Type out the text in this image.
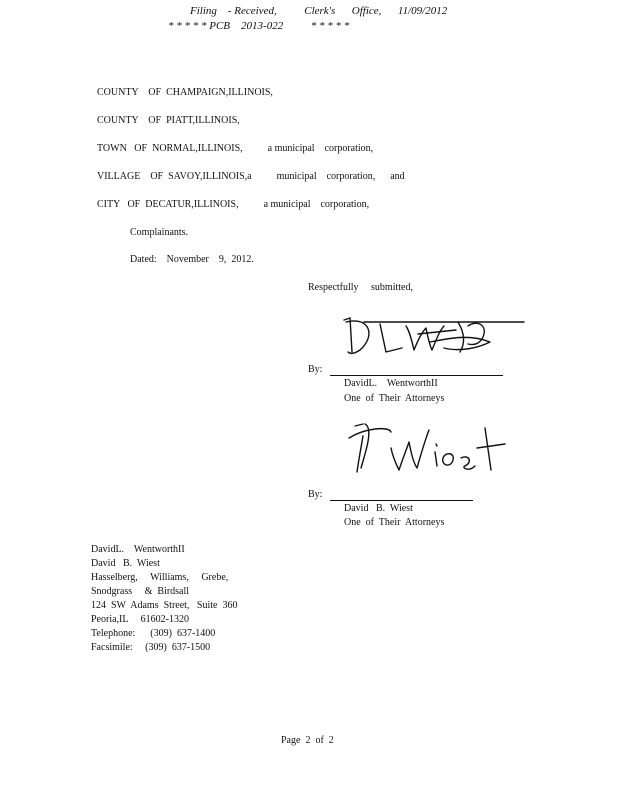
Filing    - Received,          Clerk's      Office,      11/09/2012
* * * * * PCB    2013-022          * * * * *
COUNTY    OF  CHAMPAIGN,ILLINOIS,
COUNTY    OF  PIATT,ILLINOIS,
TOWN   OF  NORMAL,ILLINOIS,          a municipal    corporation,
VILLAGE    OF  SAVOY,ILLINOIS,a          municipal    corporation,      and
CITY   OF  DECATUR,ILLINOIS,          a municipal    corporation,
Complainants.
Dated:    November    9,  2012.
Respectfully     submitted,
By:
DavidL.    WentworthII
One  of  Their  Attorneys
By:
David   B.  Wiest
One  of  Their  Attorneys
DavidL.    WentworthII
David   B.  Wiest
Hasselberg,     Williams,     Grebe,
Snodgrass     &  Birdsall
124  SW  Adams  Street,   Suite  360
Peoria,IL     61602-1320
Telephone:      (309)  637-1400
Facsimile:     (309)  637-1500
Page  2  of  2
